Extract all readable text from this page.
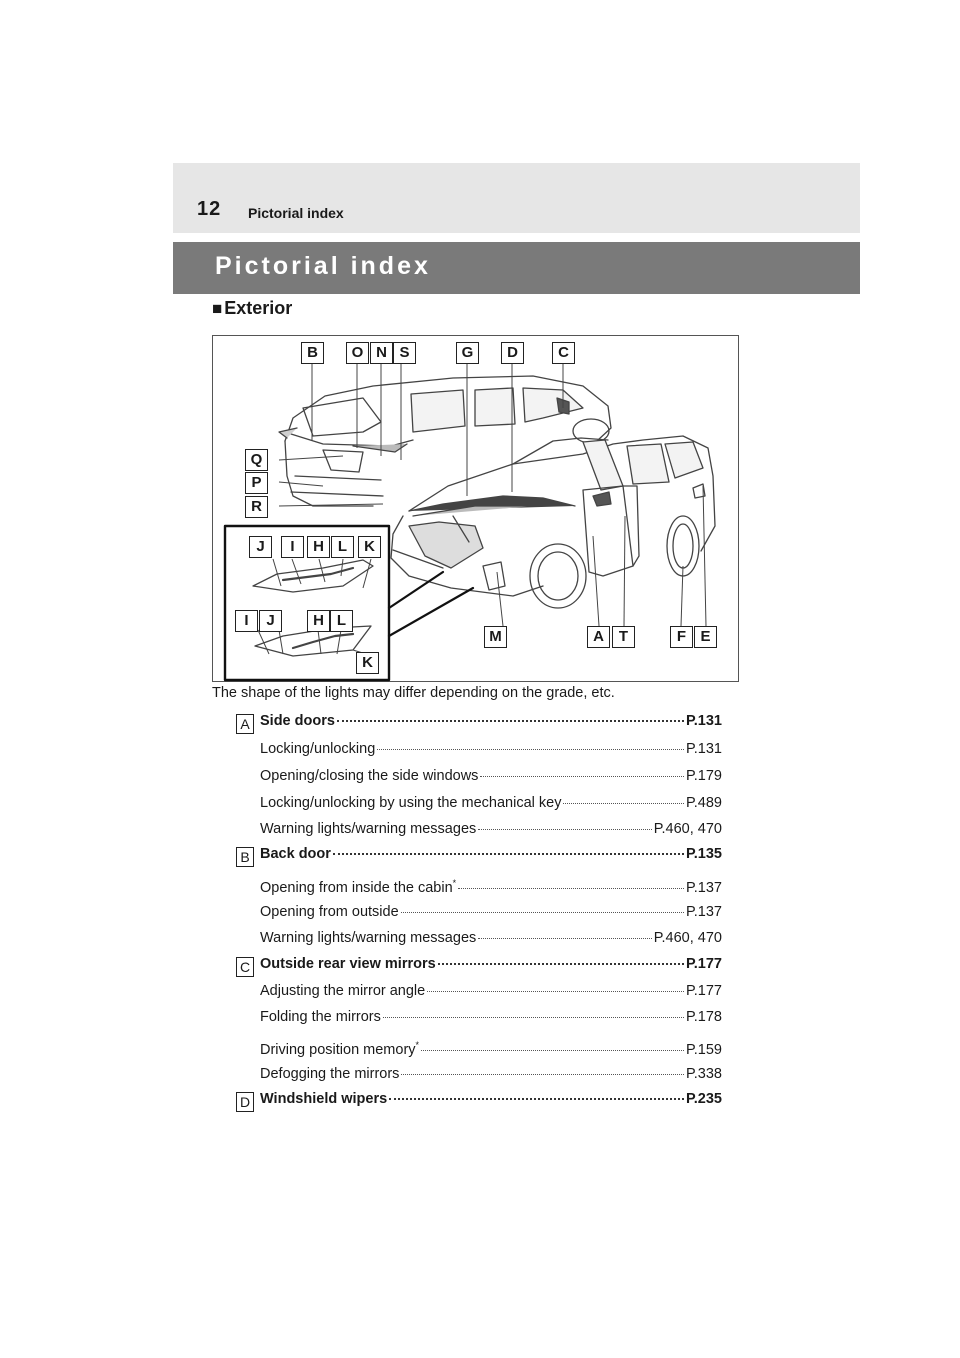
12 Pictorial index
Pictorial index
■ Exterior
B	O N S	G	D	C
Q
P
R
J	I	H L	K
I	J	H L
K
M	A T	F E
The shape of the lights may differ depending on the grade, etc.
A Side doors	P.131
Locking/unlocking	P.131
Opening/closing the side windows	P.179
Locking/unlocking by using the mechanical key	P.489
Warning lights/warning messages	P.460, 470
B Back door	P.135
Opening from inside the cabin*	P.137
Opening from outside	P.137
Warning lights/warning messages	P.460, 470
C Outside rear view mirrors	P.177
Adjusting the mirror angle	P.177
Folding the mirrors	P.178
Driving position memory*	P.159
Defogging the mirrors	P.338
D Windshield wipers	P.235
